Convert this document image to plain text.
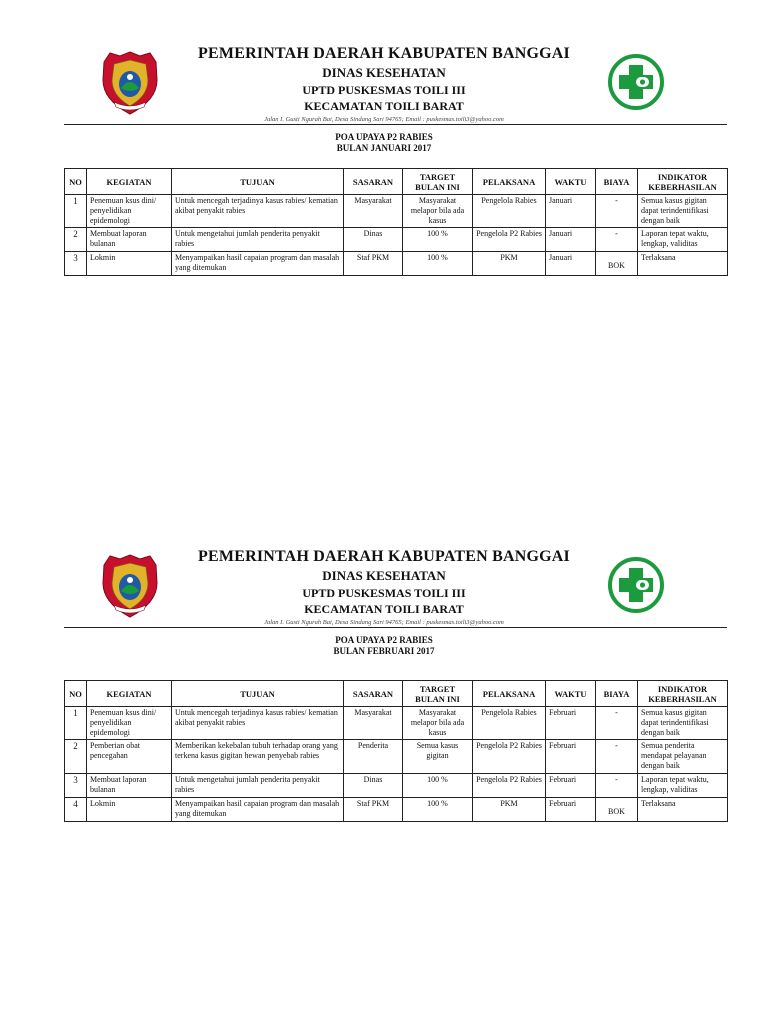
PEMERINTAH DAERAH KABUPATEN BANGGAI
DINAS KESEHATAN
UPTD PUSKESMAS TOILI III
KECAMATAN TOILI BARAT
Jalan I. Gusti Ngurah Bai, Desa Sindang Sari 94765; Email : puskesmas.toili3@yahoo.com
POA UPAYA P2 RABIES
BULAN JANUARI 2017
NO	KEGIATAN	TUJUAN	SASARAN	TARGET BULAN INI	PELAKSANA	WAKTU	BIAYA	INDIKATOR KEBERHASILAN
1	Penemuan ksus dini/ penyelidikan epidemologi	Untuk mencegah terjadinya kasus rabies/ kematian akibat penyakit rabies	Masyarakat	Masyarakat melapor bila ada kasus	Pengelola Rabies	Januari	-	Semua kasus gigitan dapat terindentifikasi dengan baik
2	Membuat laporan bulanan	Untuk mengetahui jumlah penderita penyakit rabies	Dinas	100 %	Pengelola P2 Rabies	Januari	-	Laporan tepat waktu, lengkap, validitas
3	Lokmin	Menyampaikan hasil capaian program dan masalah yang ditemukan	Staf PKM	100 %	PKM	Januari	BOK	Terlaksana
PEMERINTAH DAERAH KABUPATEN BANGGAI
DINAS KESEHATAN
UPTD PUSKESMAS TOILI III
KECAMATAN TOILI BARAT
Jalan I. Gusti Ngurah Bai, Desa Sindang Sari 94765; Email : puskesmas.toili3@yahoo.com
POA UPAYA P2 RABIES
BULAN FEBRUARI 2017
NO	KEGIATAN	TUJUAN	SASARAN	TARGET BULAN INI	PELAKSANA	WAKTU	BIAYA	INDIKATOR KEBERHASILAN
1	Penemuan ksus dini/ penyelidikan epidemologi	Untuk mencegah terjadinya kasus rabies/ kematian akibat penyakit rabies	Masyarakat	Masyarakat melapor bila ada kasus	Pengelola Rabies	Februari	-	Semua kasus gigitan dapat terindentifikasi dengan baik
2	Pemberian obat pencegahan	Memberikan kekebalan tubuh terhadap orang yang terkena kasus gigitan hewan penyebab rabies	Penderita	Semua kasus gigitan	Pengelola P2 Rabies	Februari	-	Semua penderita mendapat pelayanan dengan baik
3	Membuat laporan bulanan	Untuk mengetahui jumlah penderita penyakit rabies	Dinas	100 %	Pengelola P2 Rabies	Februari	-	Laporan tepat waktu, lengkap, validitas
4	Lokmin	Menyampaikan hasil capaian program dan masalah yang ditemukan	Staf PKM	100 %	PKM	Februari	BOK	Terlaksana
